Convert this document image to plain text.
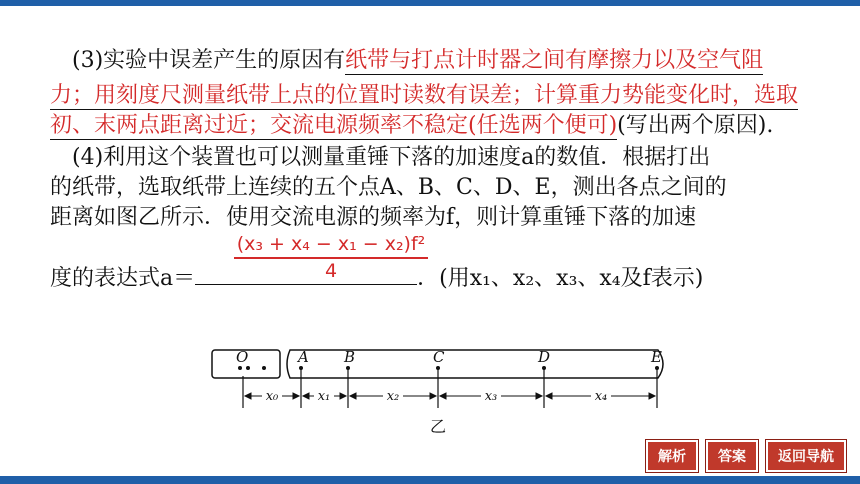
(3)实验中误差产生的原因有纸带与打点计时器之间有摩擦力以及空气阻
力；用刻度尺测量纸带上点的位置时读数有误差；计算重力势能变化时，选取
初、末两点距离过近；交流电源频率不稳定(任选两个便可)(写出两个原因).
(4)利用这个装置也可以测量重锤下落的加速度a的数值．根据打出
的纸带，选取纸带上连续的五个点A、B、C、D、E，测出各点之间的
距离如图乙所示．使用交流电源的频率为f，则计算重锤下落的加速
(x₃ + x₄ − x₁ − x₂)f²
4
度的表达式a＝	．(用x₁、x₂、x₃、x₄及f表示)
O	A B	C	D	E
x₀	x₁	x₂	x₃	x₄
乙
解析	答案	返回导航
